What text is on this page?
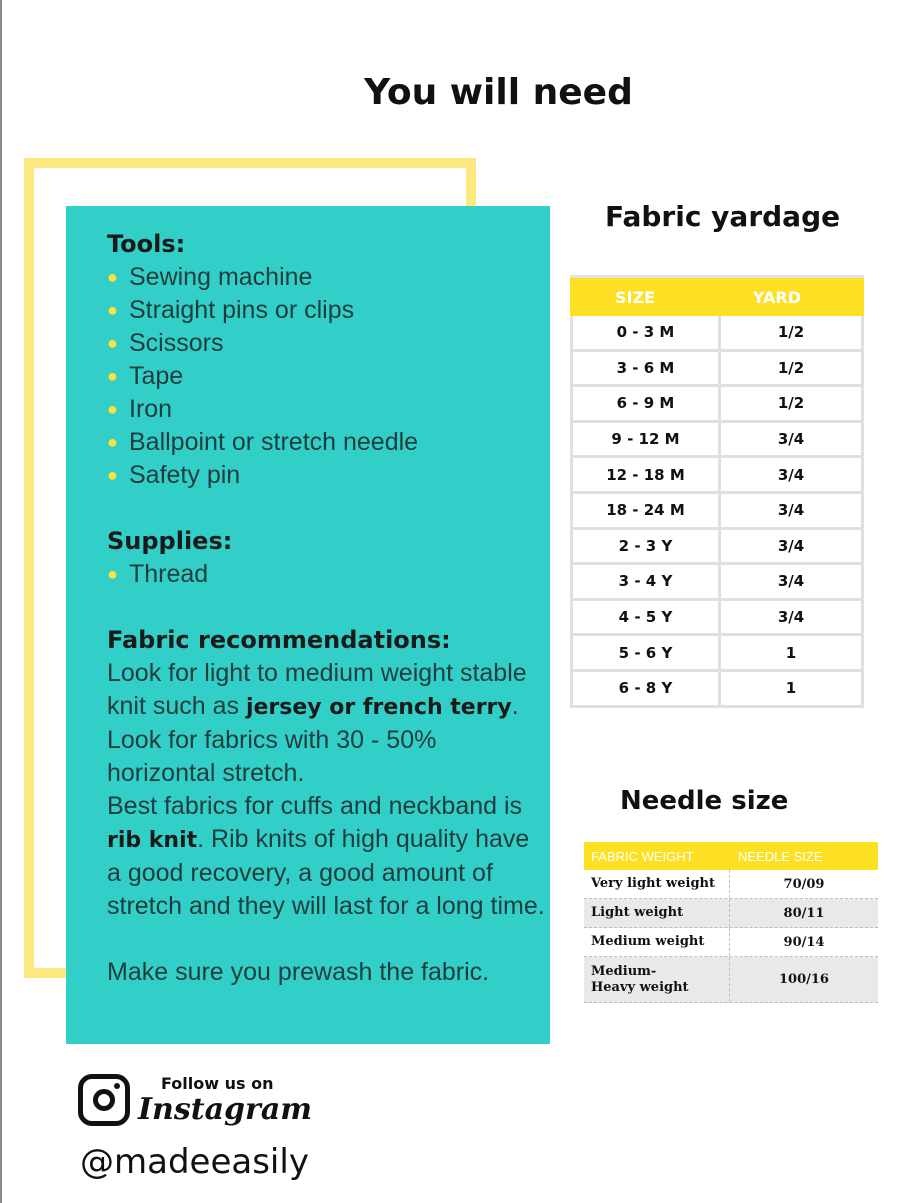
You will need
Tools:
● Sewing machine
● Straight pins or clips
● Scissors
● Tape
● Iron
● Ballpoint or stretch needle
● Safety pin
Supplies:
● Thread
Fabric recommendations:

Look for light to medium weight stable knit such as jersey or french terry. Look for fabrics with 30 - 50% horizontal stretch.

Best fabrics for cuffs and neckband is rib knit. Rib knits of high quality have a good recovery, a good amount of stretch and they will last for a long time.

Make sure you prewash the fabric.

Fabric yardage
SIZE	YARD
0 - 3 M	1/2
3 - 6 M	1/2
6 - 9 M	1/2
9 - 12 M	3/4
12 - 18 M	3/4
18 - 24 M	3/4
2 - 3 Y	3/4
3 - 4 Y	3/4
4 - 5 Y	3/4
5 - 6 Y	1
6 - 8 Y	1
Needle size
FABRIC WEIGHT	NEEDLE SIZE
Very light weight	70/09
Light weight	80/11
Medium weight	90/14
Medium-
Heavy weight	100/16
Follow us on
Instagram
@madeeasily
